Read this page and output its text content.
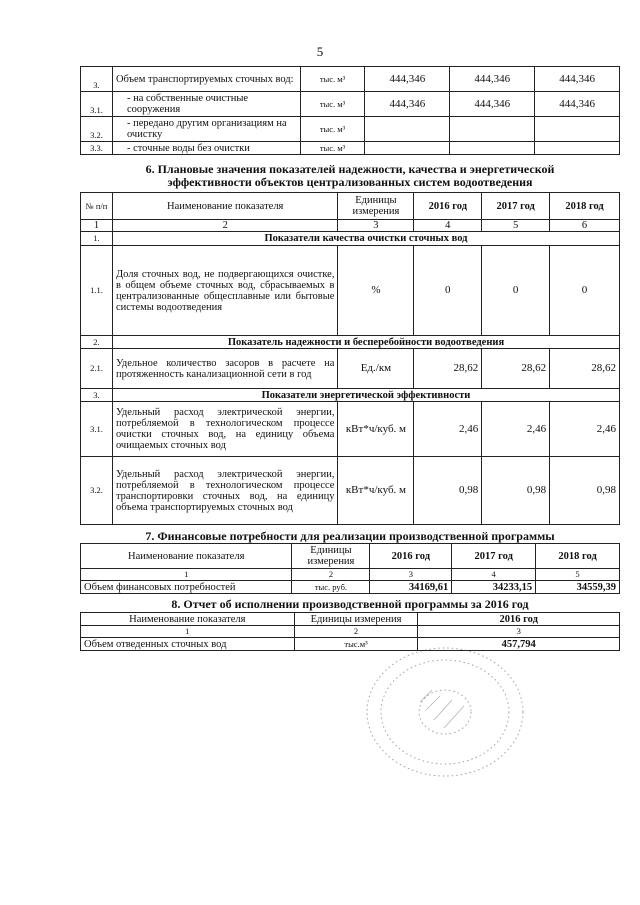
5
3.	Объем транспортируемых сточных вод:	тыс. м³	444,346	444,346	444,346
3.1.	- на собственные очистные сооружения	тыс. м³	444,346	444,346	444,346
3.2.	- передано другим организациям на очистку	тыс. м³			
3.3.	- сточные воды без очистки	тыс. м³			
6. Плановые значения показателей надежности, качества и энергетической
эффективности объектов централизованных систем водоотведения
№ п/п	Наименование показателя	Единицы измерения	2016 год	2017 год	2018 год
1	2	3	4	5	6
1.	Показатели качества очистки сточных вод				
1.1.	Доля сточных вод, не подвергающихся очистке, в общем объеме сточных вод, сбрасываемых в централизованные общесплавные или бытовые системы водоотведения	%	0	0	0
2.	Показатель надежности и бесперебойности водоотведения				
2.1.	Удельное количество засоров в расчете на протяженность канализационной сети в год	Ед./км	28,62	28,62	28,62
3.	Показатели энергетической эффективности				
3.1.	Удельный расход электрической энергии, потребляемой в технологическом процессе очистки сточных вод, на единицу объема очищаемых сточных вод	кВт*ч/куб. м	2,46	2,46	2,46
3.2.	Удельный расход электрической энергии, потребляемой в технологическом процессе транспортировки сточных вод, на единицу объема транспортируемых сточных вод	кВт*ч/куб. м	0,98	0,98	0,98
7. Финансовые потребности для реализации производственной программы
Наименование показателя	Единицы измерения	2016 год	2017 год	2018 год
1	2	3	4	5
Объем финансовых потребностей	тыс. руб.	34169,61	34233,15	34559,39
8. Отчет об исполнении производственной программы за 2016 год
Наименование показателя	Единицы измерения	2016 год
1	2	3
Объем отведенных сточных вод	тыс.м³	457,794
